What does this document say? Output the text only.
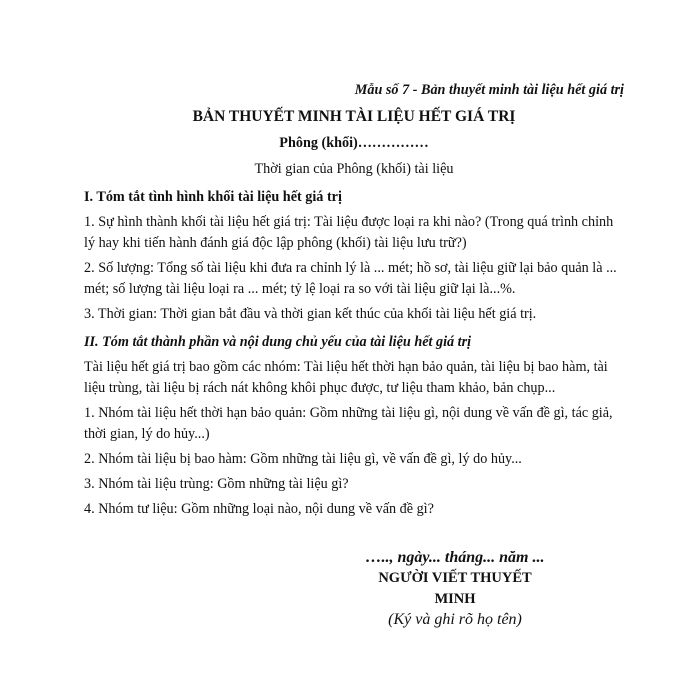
Mẫu số 7 - Bản thuyết minh tài liệu hết giá trị

BẢN THUYẾT MINH TÀI LIỆU HẾT GIÁ TRỊ

Phông (khối)……………

Thời gian của Phông (khối) tài liệu

I. Tóm tắt tình hình khối tài liệu hết giá trị

1. Sự hình thành khối tài liệu hết giá trị: Tài liệu được loại ra khi nào? (Trong quá trình chỉnh lý hay khi tiến hành đánh giá độc lập phông (khối) tài liệu lưu trữ?)

2. Số lượng: Tổng số tài liệu khi đưa ra chỉnh lý là ... mét; hồ sơ, tài liệu giữ lại bảo quản là ... mét; số lượng tài liệu loại ra ... mét; tỷ lệ loại ra so với tài liệu giữ lại là...%.

3. Thời gian: Thời gian bắt đầu và thời gian kết thúc của khối tài liệu hết giá trị.

II. Tóm tắt thành phần và nội dung chủ yếu của tài liệu hết giá trị

Tài liệu hết giá trị bao gồm các nhóm: Tài liệu hết thời hạn bảo quản, tài liệu bị bao hàm, tài liệu trùng, tài liệu bị rách nát không khôi phục được, tư liệu tham khảo, bản chụp...

1. Nhóm tài liệu hết thời hạn bảo quản: Gồm những tài liệu gì, nội dung về vấn đề gì, tác giả, thời gian, lý do hủy...)

2. Nhóm tài liệu bị bao hàm: Gồm những tài liệu gì, về vấn đề gì, lý do hủy...

3. Nhóm tài liệu trùng: Gồm những tài liệu gì?

4. Nhóm tư liệu: Gồm những loại nào, nội dung về vấn đề gì?

….., ngày... tháng... năm ...
NGƯỜI VIẾT THUYẾT MINH
(Ký và ghi rõ họ tên)
